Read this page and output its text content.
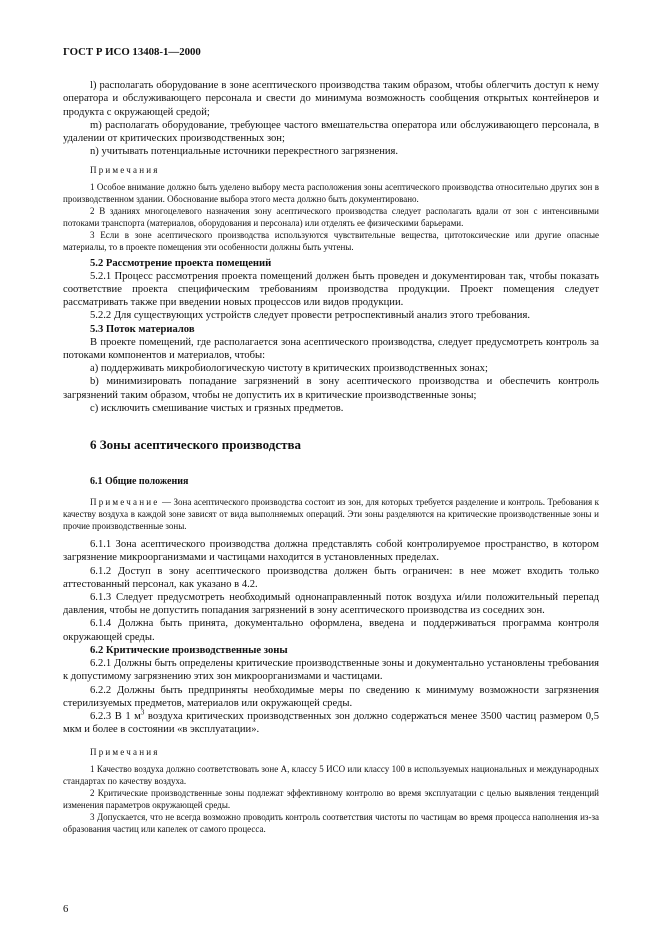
ГОСТ Р ИСО 13408-1—2000

l) располагать оборудование в зоне асептического производства таким образом, чтобы облегчить доступ к нему оператора и обслуживающего персонала и свести до минимума возможность сообщения открытых контейнеров и продукта с окружающей средой;

m) располагать оборудование, требующее частого вмешательства оператора или обслуживающего персонала, в удалении от критических производственных зон;

n) учитывать потенциальные источники перекрестного загрязнения.

Примечания

1 Особое внимание должно быть уделено выбору места расположения зоны асептического производства относительно других зон в производственном здании. Обоснование выбора этого места должно быть документировано.

2 В зданиях многоцелевого назначения зону асептического производства следует располагать вдали от зон с интенсивными потоками транспорта (материалов, оборудования и персонала) или отделять ее физическими барьерами.

3 Если в зоне асептического производства используются чувствительные вещества, цитотоксические или другие опасные материалы, то в проекте помещения эти особенности должны быть учтены.

5.2 Рассмотрение проекта помещений

5.2.1 Процесс рассмотрения проекта помещений должен быть проведен и документирован так, чтобы показать соответствие проекта специфическим требованиям производства продукции. Проект помещения следует рассматривать также при введении новых процессов или видов продукции.

5.2.2 Для существующих устройств следует провести ретроспективный анализ этого требования.

5.3 Поток материалов

В проекте помещений, где располагается зона асептического производства, следует предусмотреть контроль за потоками компонентов и материалов, чтобы:

a) поддерживать микробиологическую чистоту в критических производственных зонах;

b) минимизировать попадание загрязнений в зону асептического производства и обеспечить контроль загрязнений таким образом, чтобы не допустить их в критические производственные зоны;

c) исключить смешивание чистых и грязных предметов.

6 Зоны асептического производства
6.1 Общие положения

Примечание — Зона асептического производства состоит из зон, для которых требуется разделение и контроль. Требования к качеству воздуха в каждой зоне зависят от вида выполняемых операций. Эти зоны разделяются на критические производственные зоны и прочие производственные зоны.

6.1.1 Зона асептического производства должна представлять собой контролируемое пространство, в котором загрязнение микроорганизмами и частицами находится в установленных пределах.

6.1.2 Доступ в зону асептического производства должен быть ограничен: в нее может входить только аттестованный персонал, как указано в 4.2.

6.1.3 Следует предусмотреть необходимый однонаправленный поток воздуха и/или положительный перепад давления, чтобы не допустить попадания загрязнений в зону асептического производства из соседних зон.

6.1.4 Должна быть принята, документально оформлена, введена и поддерживаться программа контроля окружающей среды.

6.2 Критические производственные зоны

6.2.1 Должны быть определены критические производственные зоны и документально установлены требования к допустимому загрязнению этих зон микроорганизмами и частицами.

6.2.2 Должны быть предприняты необходимые меры по сведению к минимуму возможности загрязнения стерилизуемых предметов, материалов или окружающей среды.

6.2.3 В 1 $м^3$ воздуха критических производственных зон должно содержаться менее 3500 частиц размером 0,5 мкм и более в состоянии «в эксплуатации».

Примечания

1 Качество воздуха должно соответствовать зоне А, классу 5 ИСО или классу 100 в используемых национальных и международных стандартах по качеству воздуха.

2 Критические производственные зоны подлежат эффективному контролю во время эксплуатации с целью выявления тенденций изменения параметров окружающей среды.

3 Допускается, что не всегда возможно проводить контроль соответствия чистоты по частицам во время процесса наполнения из-за образования частиц или капелек от самого процесса.

6
